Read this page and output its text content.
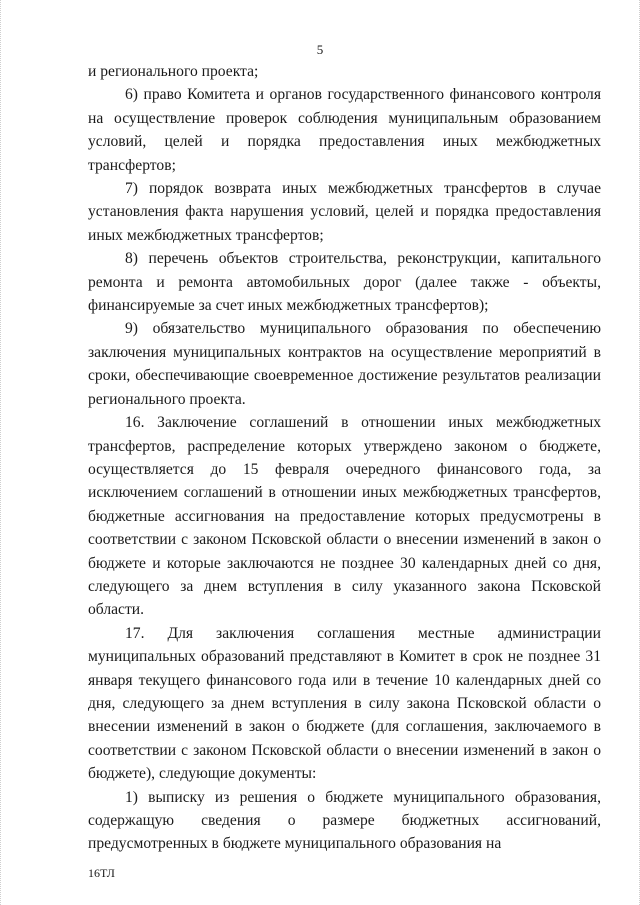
5

и регионального проекта;

6) право Комитета и органов государственного финансового контроля на осуществление проверок соблюдения муниципальным образованием условий, целей и порядка предоставления иных межбюджетных трансфертов;

7) порядок возврата иных межбюджетных трансфертов в случае установления факта нарушения условий, целей и порядка предоставления иных межбюджетных трансфертов;

8) перечень объектов строительства, реконструкции, капитального ремонта и ремонта автомобильных дорог (далее также - объекты, финансируемые за счет иных межбюджетных трансфертов);

9) обязательство муниципального образования по обеспечению заключения муниципальных контрактов на осуществление мероприятий в сроки, обеспечивающие своевременное достижение результатов реализации регионального проекта.

16. Заключение соглашений в отношении иных межбюджетных трансфертов, распределение которых утверждено законом о бюджете, осуществляется до 15 февраля очередного финансового года, за исключением соглашений в отношении иных межбюджетных трансфертов, бюджетные ассигнования на предоставление которых предусмотрены в соответствии с законом Псковской области о внесении изменений в закон о бюджете и которые заключаются не позднее 30 календарных дней со дня, следующего за днем вступления в силу указанного закона Псковской области.

17. Для заключения соглашения местные администрации муниципальных образований представляют в Комитет в срок не позднее 31 января текущего финансового года или в течение 10 календарных дней со дня, следующего за днем вступления в силу закона Псковской области о внесении изменений в закон о бюджете (для соглашения, заключаемого в соответствии с законом Псковской области о внесении изменений в закон о бюджете), следующие документы:

1) выписку из решения о бюджете муниципального образования, содержащую сведения о размере бюджетных ассигнований, предусмотренных в бюджете муниципального образования на

16ТЛ
